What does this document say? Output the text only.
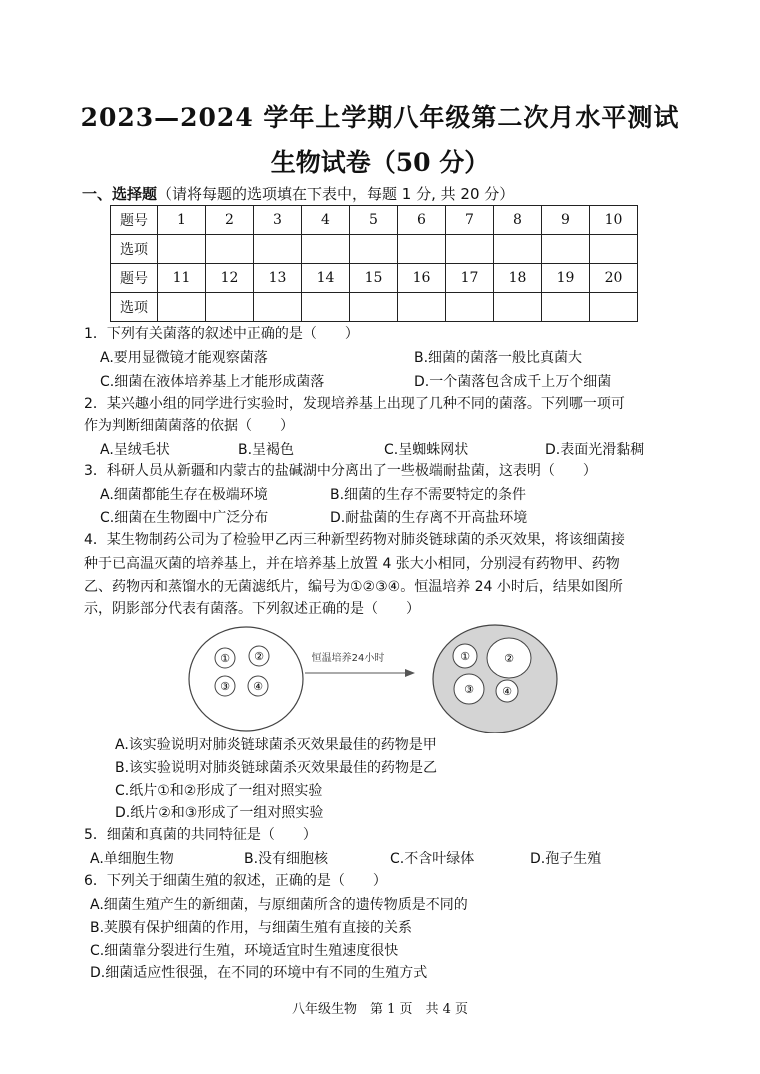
2023—2024 学年上学期八年级第二次月水平测试
生物试卷（50 分）
一、选择题（请将每题的选项填在下表中，每题 1 分, 共 20 分）
题号	1	2	3	4	5	6	7	8	9	10
选项										
题号	11	12	13	14	15	16	17	18	19	20
选项										
1．下列有关菌落的叙述中正确的是（　　）
A.要用显微镜才能观察菌落	B.细菌的菌落一般比真菌大
C.细菌在液体培养基上才能形成菌落	D.一个菌落包含成千上万个细菌
2．某兴趣小组的同学进行实验时，发现培养基上出现了几种不同的菌落。下列哪一项可
作为判断细菌菌落的依据（　　）
A.呈绒毛状	B.呈褐色	C.呈蜘蛛网状	D.表面光滑黏稠
3．科研人员从新疆和内蒙古的盐碱湖中分离出了一些极端耐盐菌，这表明（　　）
A.细菌都能生存在极端环境	B.细菌的生存不需要特定的条件
C.细菌在生物圈中广泛分布	D.耐盐菌的生存离不开高盐环境
4．某生物制药公司为了检验甲乙丙三种新型药物对肺炎链球菌的杀灭效果，将该细菌接
种于已高温灭菌的培养基上，并在培养基上放置 4 张大小相同，分别浸有药物甲、药物
乙、药物丙和蒸馏水的无菌滤纸片，编号为①②③④。恒温培养 24 小时后，结果如图所
示，阴影部分代表有菌落。下列叙述正确的是（　　）
① ②
③ ④
恒温培养24小时	①	②
③	④
A.该实验说明对肺炎链球菌杀灭效果最佳的药物是甲
B.该实验说明对肺炎链球菌杀灭效果最佳的药物是乙
C.纸片①和②形成了一组对照实验
D.纸片②和③形成了一组对照实验
5．细菌和真菌的共同特征是（　　）
A.单细胞生物	B.没有细胞核	C.不含叶绿体	D.孢子生殖
6．下列关于细菌生殖的叙述，正确的是（　　）
A.细菌生殖产生的新细菌，与原细菌所含的遗传物质是不同的
B.荚膜有保护细菌的作用，与细菌生殖有直接的关系
C.细菌靠分裂进行生殖，环境适宜时生殖速度很快
D.细菌适应性很强，在不同的环境中有不同的生殖方式
八年级生物　第 1 页　共 4 页
